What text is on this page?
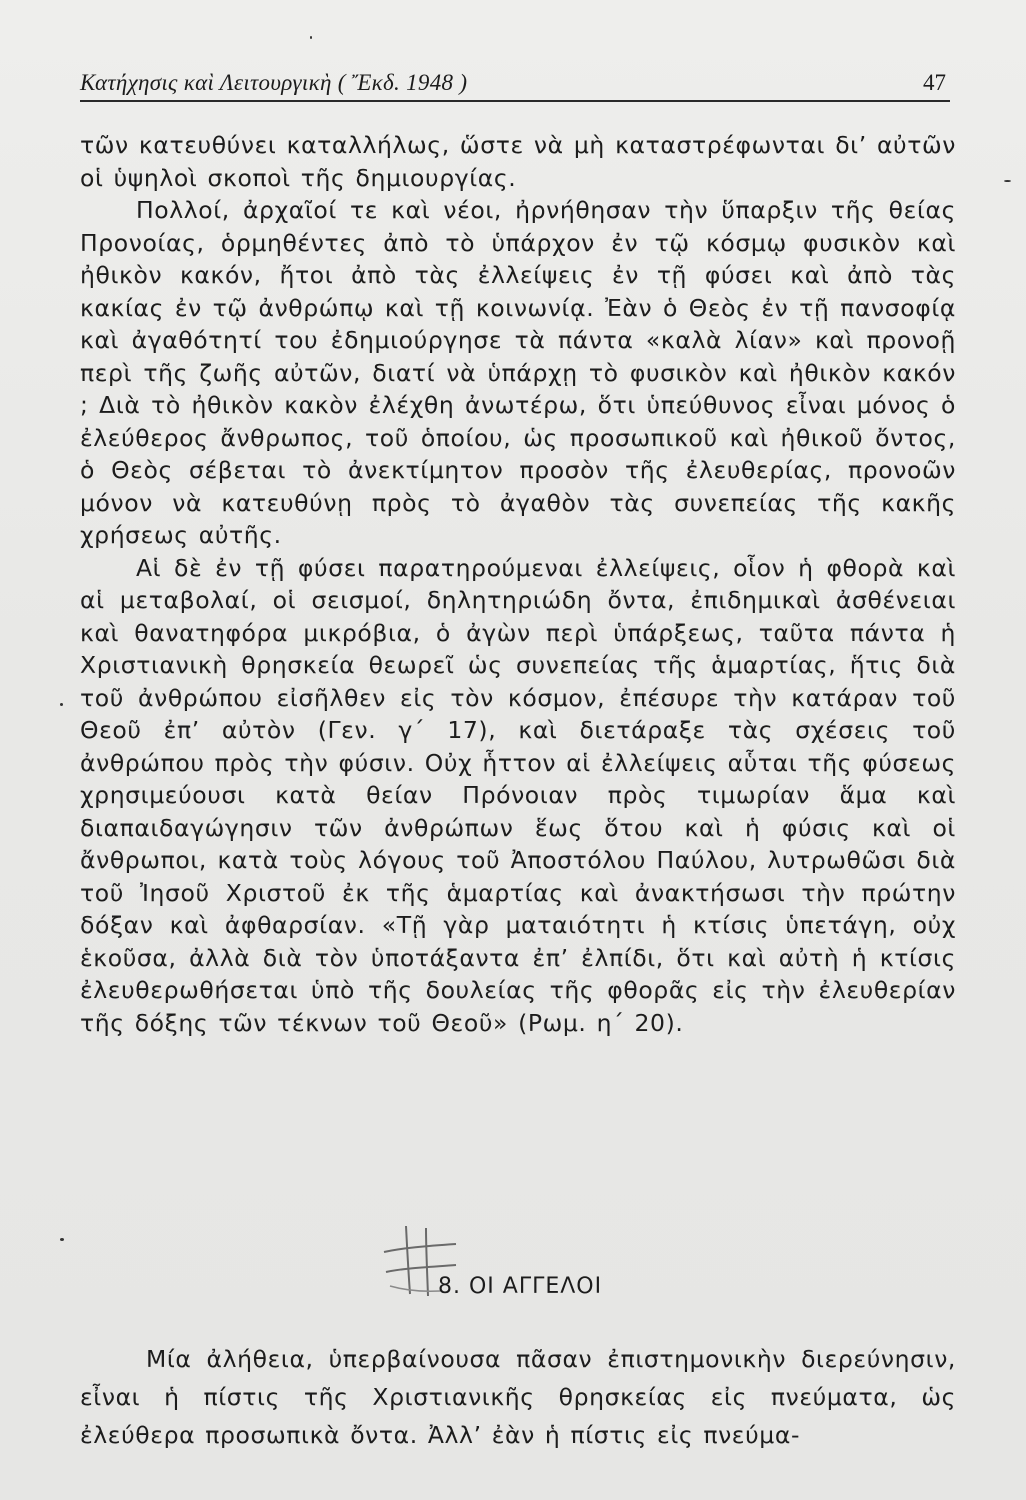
Κατήχησις καὶ Λειτουργικὴ ( Ἔκδ. 1948 )	47

τῶν κατευθύνει καταλλήλως, ὥστε νὰ μὴ καταστρέφωνται δι’ αὐτῶν οἱ ὑψηλοὶ σκοποὶ τῆς δημιουργίας.

Πολλοί, ἀρχαῖοί τε καὶ νέοι, ἠρνήθησαν τὴν ὕπαρξιν τῆς θείας Προνοίας, ὁρμηθέντες ἀπὸ τὸ ὑπάρχον ἐν τῷ κόσμῳ φυσικὸν καὶ ἠθικὸν κακόν, ἤτοι ἀπὸ τὰς ἐλλείψεις ἐν τῇ φύσει καὶ ἀπὸ τὰς κακίας ἐν τῷ ἀνθρώπῳ καὶ τῇ κοινωνίᾳ. Ἐὰν ὁ Θεὸς ἐν τῇ πανσοφίᾳ καὶ ἀγαθότητί του ἐδημιούργησε τὰ πάντα «καλὰ λίαν» καὶ προνοῇ περὶ τῆς ζωῆς αὐτῶν, διατί νὰ ὑπάρχῃ τὸ φυσικὸν καὶ ἠθικὸν κακόν ; Διὰ τὸ ἠθικὸν κακὸν ἐλέχθη ἀνωτέρω, ὅτι ὑπεύθυνος εἶναι μόνος ὁ ἐλεύθερος ἄνθρωπος, τοῦ ὁποίου, ὡς προσωπικοῦ καὶ ἠθικοῦ ὄντος, ὁ Θεὸς σέβεται τὸ ἀνεκτίμητον προσὸν τῆς ἐλευθερίας, προνοῶν μόνον νὰ κατευθύνῃ πρὸς τὸ ἀγαθὸν τὰς συνεπείας τῆς κακῆς χρήσεως αὐτῆς.

Αἱ δὲ ἐν τῇ φύσει παρατηρούμεναι ἐλλείψεις, οἷον ἡ φθορὰ καὶ αἱ μεταβολαί, οἱ σεισμοί, δηλητηριώδη ὄντα, ἐπιδημικαὶ ἀσθένειαι καὶ θανατηφόρα μικρόβια, ὁ ἀγὼν περὶ ὑπάρξεως, ταῦτα πάντα ἡ Χριστιανικὴ θρησκεία θεωρεῖ ὡς συνεπείας τῆς ἁμαρτίας, ἥτις διὰ τοῦ ἀνθρώπου εἰσῆλθεν εἰς τὸν κόσμον, ἐπέσυρε τὴν κατάραν τοῦ Θεοῦ ἐπ’ αὐτὸν (Γεν. γ΄ 17), καὶ διετάραξε τὰς σχέσεις τοῦ ἀνθρώπου πρὸς τὴν φύσιν. Οὐχ ἧττον αἱ ἐλλείψεις αὗται τῆς φύσεως χρησιμεύουσι κατὰ θείαν Πρόνοιαν πρὸς τιμωρίαν ἅμα καὶ διαπαιδαγώγησιν τῶν ἀνθρώπων ἕως ὅτου καὶ ἡ φύσις καὶ οἱ ἄνθρωποι, κατὰ τοὺς λόγους τοῦ Ἀποστόλου Παύλου, λυτρωθῶσι διὰ τοῦ Ἰησοῦ Χριστοῦ ἐκ τῆς ἁμαρτίας καὶ ἀνακτήσωσι τὴν πρώτην δόξαν καὶ ἀφθαρσίαν. «Τῇ γὰρ ματαιότητι ἡ κτίσις ὑπετάγη, οὐχ ἑκοῦσα, ἀλλὰ διὰ τὸν ὑποτάξαντα ἐπ’ ἐλπίδι, ὅτι καὶ αὐτὴ ἡ κτίσις ἐλευθερωθήσεται ὑπὸ τῆς δουλείας τῆς φθορᾶς εἰς τὴν ἐλευθερίαν τῆς δόξης τῶν τέκνων τοῦ Θεοῦ» (Ρωμ. η΄ 20).

8. ΟΙ ΑΓΓΕΛΟΙ

Μία ἀλήθεια, ὑπερβαίνουσα πᾶσαν ἐπιστημονικὴν διερεύνησιν, εἶναι ἡ πίστις τῆς Χριστιανικῆς θρησκείας εἰς πνεύματα, ὡς ἐλεύθερα προσωπικὰ ὄντα. Ἀλλ’ ἐὰν ἡ πίστις εἰς πνεύμα-
